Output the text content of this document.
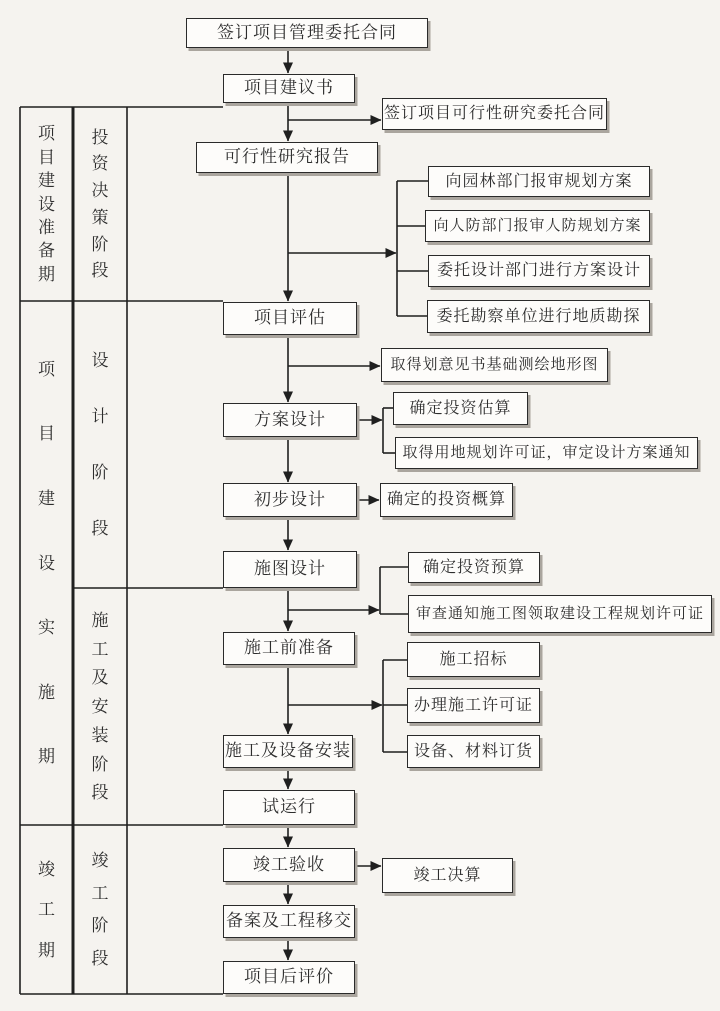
项
目
建
设
准
备
期
项
目
建
设
实
施
期
竣
工
期
投
资
决
策
阶
段
设
计
阶
段
施
工
及
安
装
阶
段
竣
工
阶
段
签订项目管理委托合同
项目建议书
可行性研究报告
项目评估
方案设计
初步设计
施图设计
施工前准备
施工及设备安装
试运行
竣工验收
备案及工程移交
项目后评价
签订项目可行性研究委托合同
向园林部门报审规划方案
向人防部门报审人防规划方案
委托设计部门进行方案设计
委托勘察单位进行地质勘探
取得划意见书基础测绘地形图
确定投资估算
取得用地规划许可证，审定设计方案通知
确定的投资概算
确定投资预算
审查通知施工图领取建设工程规划许可证
施工招标
办理施工许可证
设备、材料订货
竣工决算
